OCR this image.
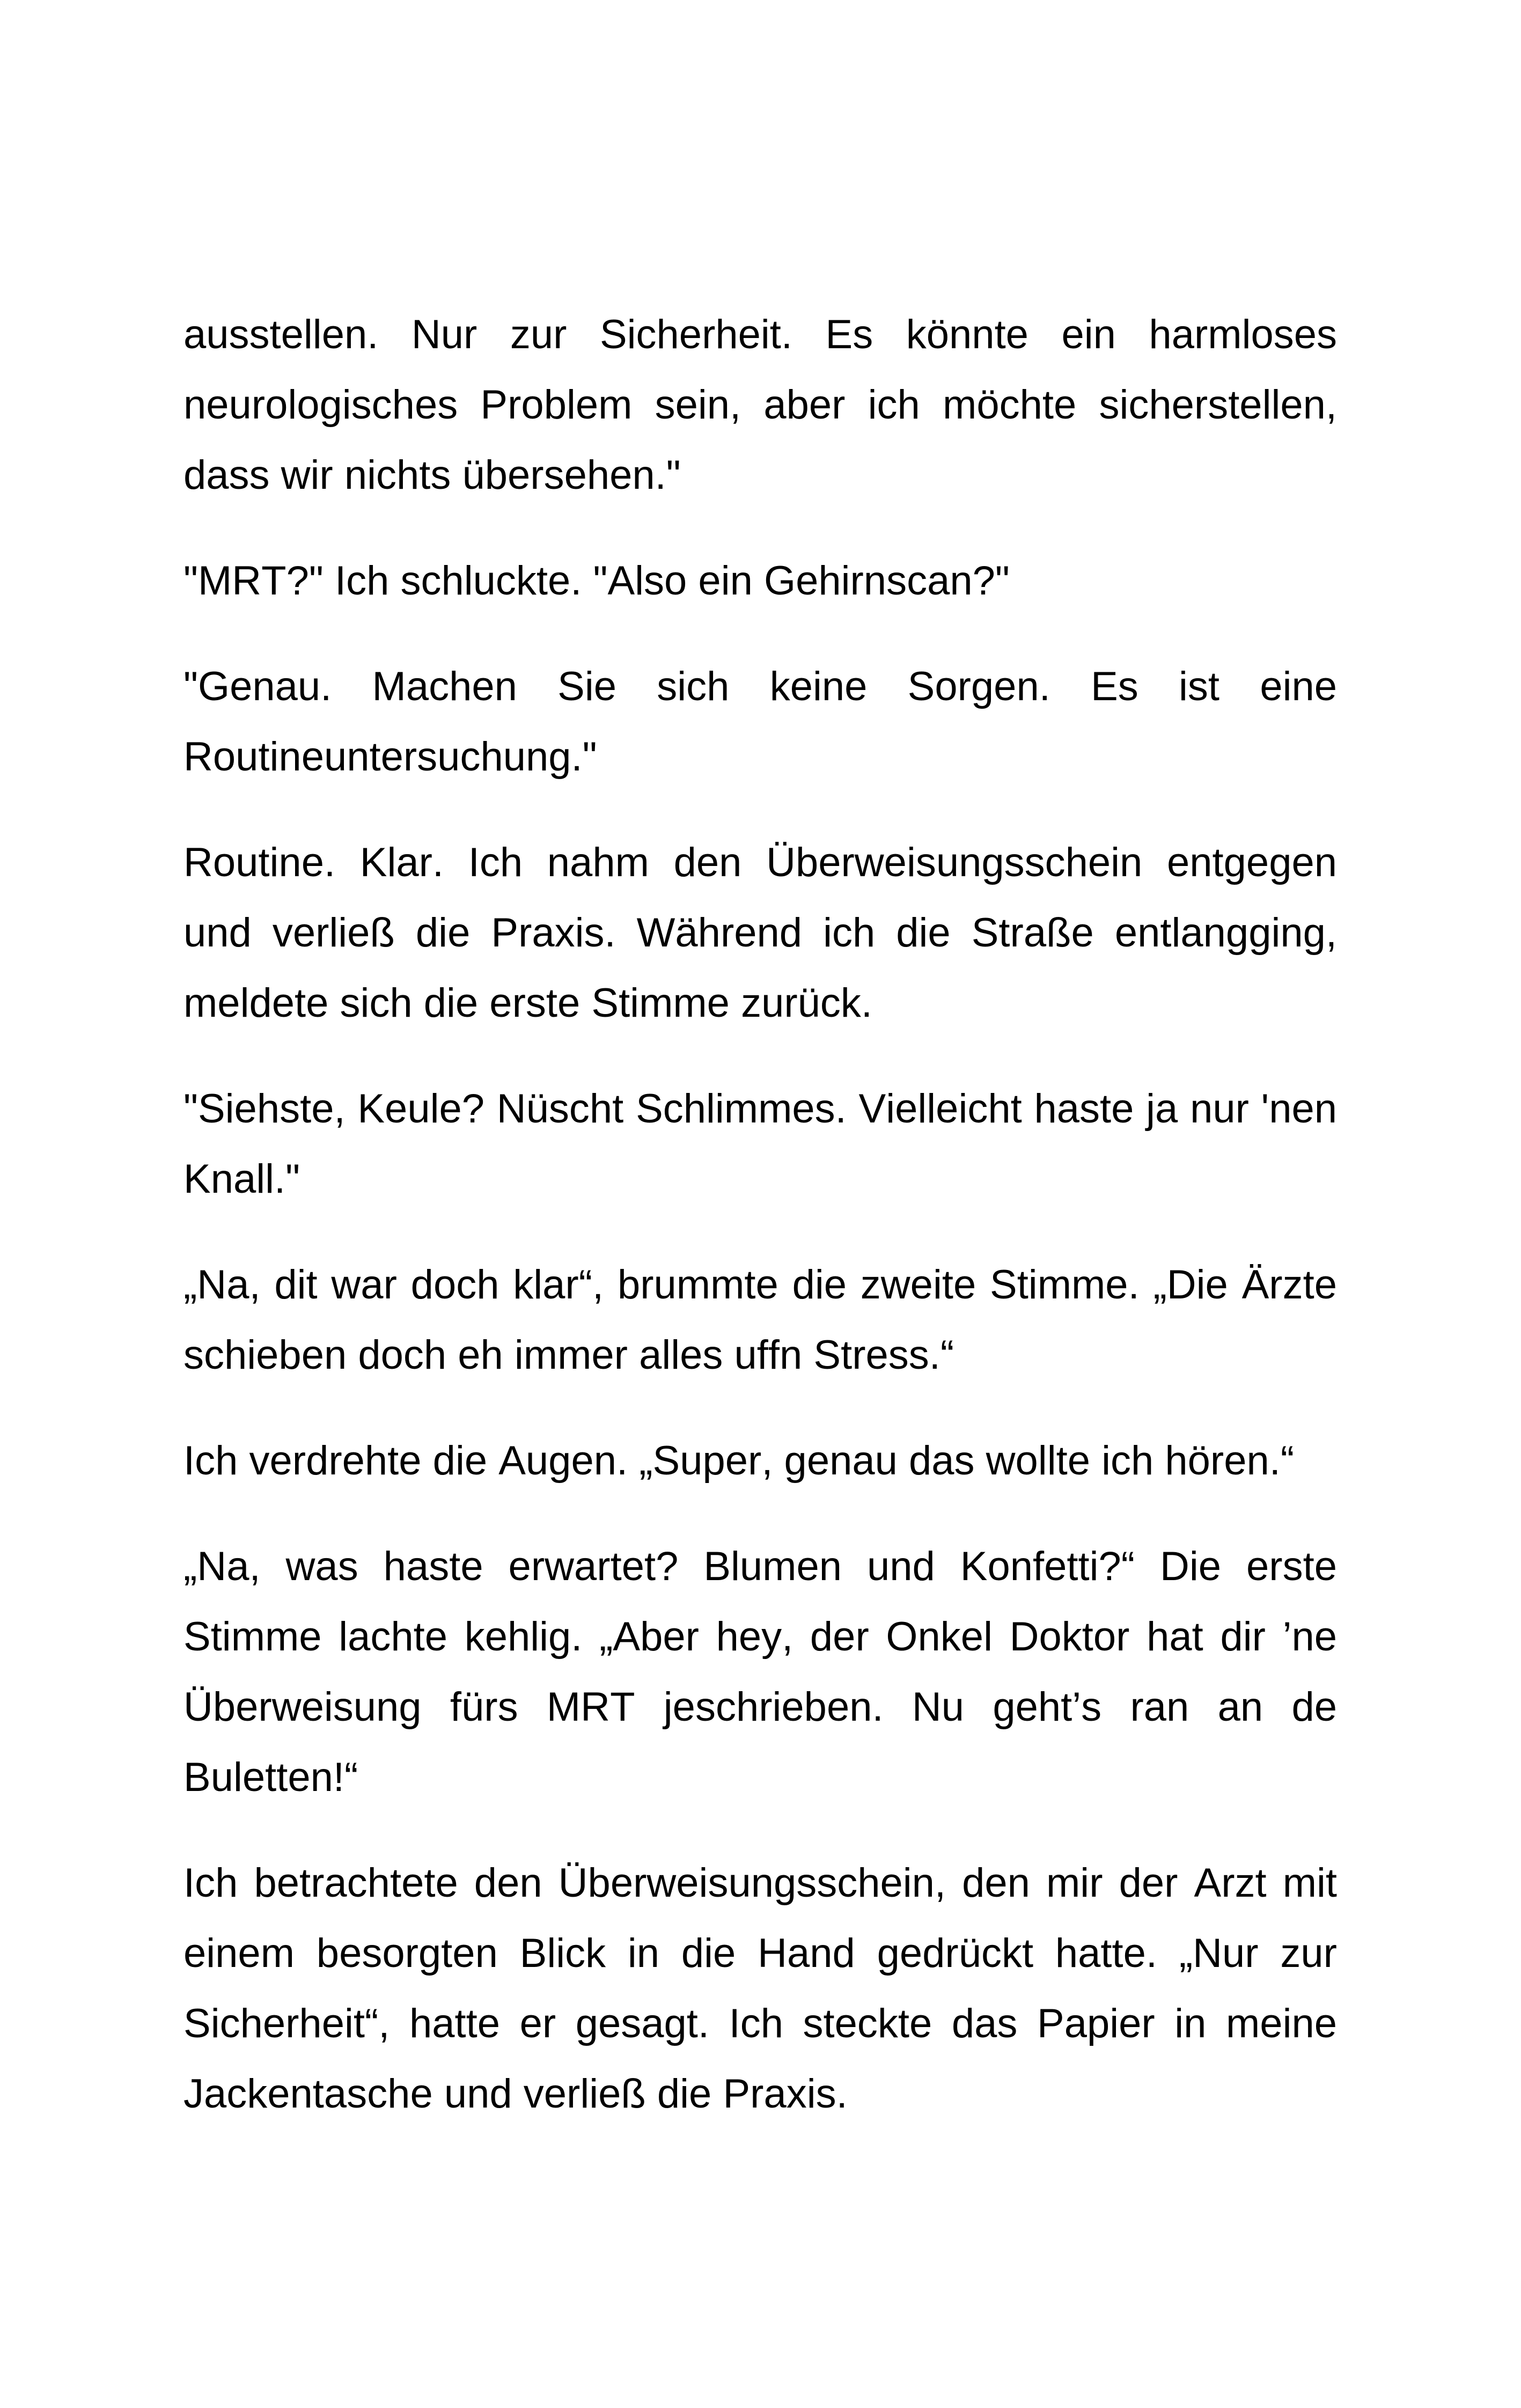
ausstellen. Nur zur Sicherheit. Es könnte ein harmloses neurologisches Problem sein, aber ich möchte sicherstellen, dass wir nichts übersehen."

"MRT?" Ich schluckte. "Also ein Gehirnscan?"

"Genau. Machen Sie sich keine Sorgen. Es ist eine Routineuntersuchung."

Routine. Klar. Ich nahm den Überweisungsschein entgegen und verließ die Praxis. Während ich die Straße entlangging, meldete sich die erste Stimme zurück.

"Siehste, Keule? Nüscht Schlimmes. Vielleicht haste ja nur 'nen Knall."

„Na, dit war doch klar“, brummte die zweite Stimme. „Die Ärzte schieben doch eh immer alles uffn Stress.“

Ich verdrehte die Augen. „Super, genau das wollte ich hören.“

„Na, was haste erwartet? Blumen und Konfetti?“ Die erste Stimme lachte kehlig. „Aber hey, der Onkel Doktor hat dir ’ne Überweisung fürs MRT jeschrieben. Nu geht’s ran an de Buletten!“

Ich betrachtete den Überweisungsschein, den mir der Arzt mit einem besorgten Blick in die Hand gedrückt hatte. „Nur zur Sicherheit“, hatte er gesagt. Ich steckte das Papier in meine Jackentasche und verließ die Praxis.
